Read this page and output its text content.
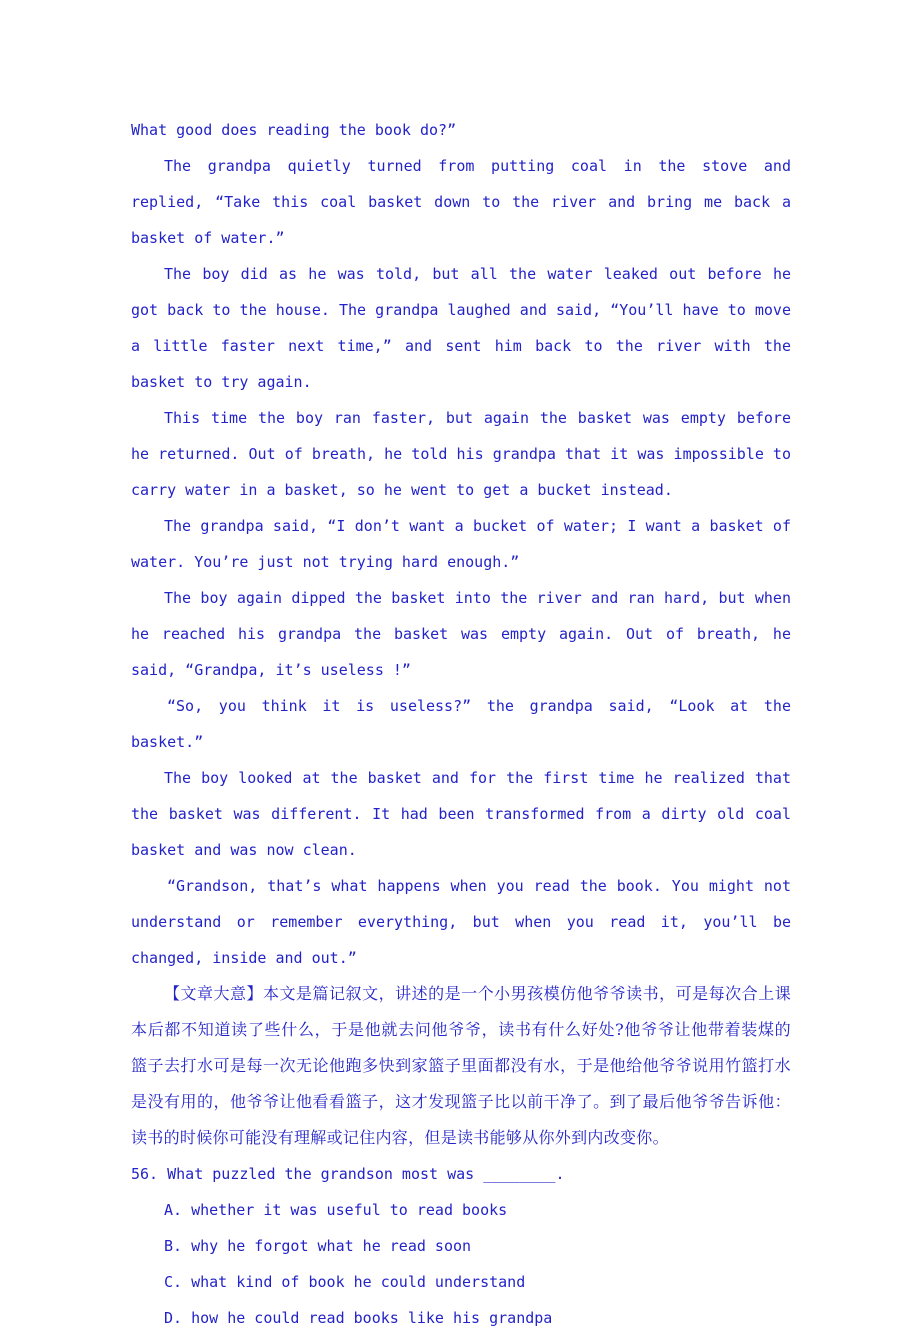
What good does reading the book do?”

The grandpa quietly turned from putting coal in the stove and replied, “Take this coal basket down to the river and bring me back a basket of water.”

The boy did as he was told, but all the water leaked out before he got back to the house. The grandpa laughed and said, “You’ll have to move a little faster next time,” and sent him back to the river with the basket to try again.

This time the boy ran faster, but again the basket was empty before he returned. Out of breath, he told his grandpa that it was impossible to carry water in a basket, so he went to get a bucket instead.

The grandpa said, “I don’t want a bucket of water; I want a basket of water. You’re just not trying hard enough.”

The boy again dipped the basket into the river and ran hard, but when he reached his grandpa the basket was empty again. Out of breath, he said, “Grandpa, it’s useless !”

“So, you think it is useless?” the grandpa said, “Look at the basket.”

The boy looked at the basket and for the first time he realized that the basket was different. It had been transformed from a dirty old coal basket and was now clean.

“Grandson, that’s what happens when you read the book. You might not understand or remember everything, but when you read it, you’ll be changed, inside and out.”

【文章大意】本文是篇记叙文，讲述的是一个小男孩模仿他爷爷读书，可是每次合上课本后都不知道读了些什么，于是他就去问他爷爷，读书有什么好处?他爷爷让他带着装煤的篮子去打水可是每一次无论他跑多快到家篮子里面都没有水，于是他给他爷爷说用竹篮打水是没有用的，他爷爷让他看看篮子，这才发现篮子比以前干净了。到了最后他爷爷告诉他：读书的时候你可能没有理解或记住内容，但是读书能够从你外到内改变你。

56. What puzzled the grandson most was ________.

A. whether it was useful to read books

B. why he forgot what he read soon

C. what kind of book he could understand

D. how he could read books like his grandpa
